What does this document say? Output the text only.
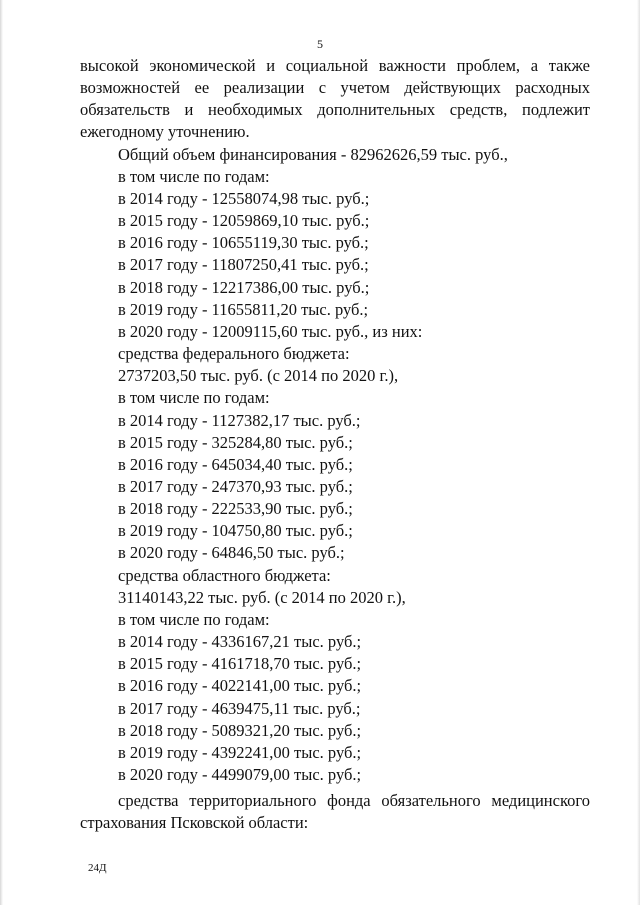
5

высокой экономической и социальной важности проблем, а также
возможностей ее реализации с учетом действующих расходных
обязательств и необходимых дополнительных средств, подлежит
ежегодному уточнению.

Общий объем финансирования - 82962626,59 тыс. руб.,
в том числе по годам:
в 2014 году - 12558074,98 тыс. руб.;
в 2015 году - 12059869,10 тыс. руб.;
в 2016 году - 10655119,30 тыс. руб.;
в 2017 году - 11807250,41 тыс. руб.;
в 2018 году - 12217386,00 тыс. руб.;
в 2019 году - 11655811,20 тыс. руб.;
в 2020 году - 12009115,60 тыс. руб., из них:
средства федерального бюджета:
2737203,50 тыс. руб. (с 2014 по 2020 г.),
в том числе по годам:
в 2014 году - 1127382,17 тыс. руб.;
в 2015 году - 325284,80 тыс. руб.;
в 2016 году - 645034,40 тыс. руб.;
в 2017 году - 247370,93 тыс. руб.;
в 2018 году - 222533,90 тыс. руб.;
в 2019 году - 104750,80 тыс. руб.;
в 2020 году - 64846,50 тыс. руб.;
средства областного бюджета:
31140143,22 тыс. руб. (с 2014 по 2020 г.),
в том числе по годам:
в 2014 году - 4336167,21 тыс. руб.;
в 2015 году - 4161718,70 тыс. руб.;
в 2016 году - 4022141,00 тыс. руб.;
в 2017 году - 4639475,11 тыс. руб.;
в 2018 году - 5089321,20 тыс. руб.;
в 2019 году - 4392241,00 тыс. руб.;
в 2020 году - 4499079,00 тыс. руб.;

средства территориального фонда обязательного медицинского
страхования Псковской области:

24Д
